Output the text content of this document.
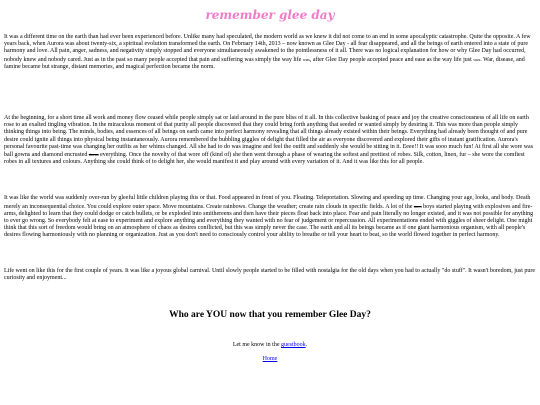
remember glee day

It was a different time on the earth than had ever been experienced before. Unlike many had speculated, the modern world as we knew it did not come to an end in some apocalyptic catastrophe. Quite the opposite. A few years back, when Aurora was about twenty-six, a spiritual evolution transformed the earth. On February 14th, 2013 – now known as Glee Day - all fear disappeared, and all the beings of earth entered into a state of pure harmony and love. All pain, anger, sadness, and negativity simply stopped and everyone simultaneously awakened to the pointlessness of it all. There was no logical explanation for how or why Glee Day had occurred, nobody knew and nobody cared. Just as in the past so many people accepted that pain and suffering was simply the way life was, after Glee Day people accepted peace and ease as the way life just was. War, disease, and famine became but strange, distant memories, and magical perfection became the norm.

At the beginning, for a short time all work and money flow ceased while people simply sat or laid around in the pure bliss of it all. In this collective basking of peace and joy the creative consciousness of all life on earth rose to an exalted tingling vibration. In the miraculous moment of that purity all people discovered that they could bring forth anything that seeded or wanted simply by desiring it. This was more than people simply thinking things into being. The minds, bodies, and essences of all beings on earth came into perfect harmony revealing that all things already existed within their beings. Everything had already been thought of and pure desire could ignite all things into physical being instantaneously. Aurora remembered the bubbling giggles of delight that filled the air as everyone discovered and explored their gifts of instant gratification. Aurora's personal favourite past-time was changing her outfits as her whims changed. All she had to do was imagine and feel the outfit and suddenly she would be sitting in it. Eeee!! It was sooo much fun! At first all she wore was ball gowns and diamond encrusted tiaras everything. Once the novelty of that wore off (kind of) she then went through a phase of wearing the softest and prettiest of robes. Silk, cotton, linen, fur – she wore the comfiest robes in all textures and colours. Anything she could think of to delight her, she would manifest it and play around with every variation of it. And it was like this for all people.

It was like the world was suddenly over-run by gleeful little children playing this or that. Food appeared in front of you. Floating. Teleportation. Slowing and speeding up time. Changing your age, looks, and body. Death merely an inconsequential choice. You could explore outer space. Move mountains. Create rainbows. Change the weather; create rain clouds in specific fields. A lot of the men boys started playing with explosives and fire-arms, delighted to learn that they could dodge or catch bullets, or be exploded into smithereens and then have their pieces float back into place. Fear and pain literally no longer existed, and it was not possible for anything to ever go wrong. So everybody felt at ease to experiment and explore anything and everything they wanted with no fear of judgement or repercussion. All experimentations ended with giggles of sheer delight. One might think that this sort of freedom would bring on an atmosphere of chaos as desires conflicted, but this was simply never the case. The earth and all its beings became as if one giant harmonious organism, with all people's desires flowing harmoniously with no planning or organization. Just as you don't need to consciously control your ability to breathe or tell your heart to beat, so the world flowed together in perfect harmony.

Life went on like this for the first couple of years. It was like a joyous global carnival. Until slowly people started to be filled with nostalgia for the old days when you had to actually "do stuff". It wasn't boredom, just pure curiosity and enjoyment...

Who are YOU now that you remember Glee Day?

Let me know in the guestbook.

Home
